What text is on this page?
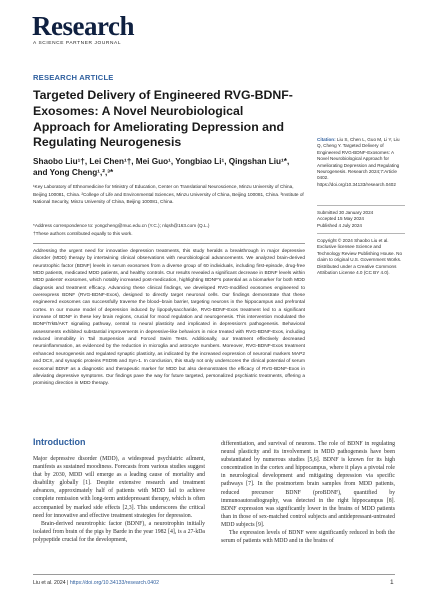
Research
A SCIENCE PARTNER JOURNAL
RESEARCH ARTICLE
Targeted Delivery of Engineered RVG-BDNF-Exosomes: A Novel Neurobiological Approach for Ameliorating Depression and Regulating Neurogenesis
Shaobo Liu¹†, Lei Chen¹†, Mei Guo¹, Yongbiao Li¹, Qingshan Liu¹*, and Yong Cheng¹,²,³*
¹Key Laboratory of Ethnomedicine for Ministry of Education, Center on Translational Neuroscience, Minzu University of China, Beijing 100081, China. ²College of Life and Environmental Sciences, Minzu University of China, Beijing 100081, China. ³Institute of National Security, Minzu University of China, Beijing 100081, China.
*Address correspondence to: yongcheng@muc.edu.cn (Y.C.); nlqsh@163.com (Q.L.)
†These authors contributed equally to this work.
Addressing the urgent need for innovative depression treatments, this study heralds a breakthrough in major depressive disorder (MDD) therapy by intertwining clinical observations with neurobiological advancements. We analyzed brain-derived neurotrophic factor (BDNF) levels in serum exosomes from a diverse group of 60 individuals, including first-episode, drug-free MDD patients, medicated MDD patients, and healthy controls. Our results revealed a significant decrease in BDNF levels within MDD patients' exosomes, which notably increased post-medication, highlighting BDNF's potential as a biomarker for both MDD diagnosis and treatment efficacy. Advancing these clinical findings, we developed RVG-modified exosomes engineered to overexpress BDNF (RVG-BDNF-Exos), designed to directly target neuronal cells. Our findings demonstrate that these engineered exosomes can successfully traverse the blood–brain barrier, targeting neurons in the hippocampus and prefrontal cortex. In our mouse model of depression induced by lipopolysaccharide, RVG-BDNF-Exos treatment led to a significant increase of BDNF in these key brain regions, crucial for mood regulation and neurogenesis. This intervention modulated the BDNF/TrkB/AKT signaling pathway, central to neural plasticity and implicated in depression's pathogenesis. Behavioral assessments exhibited substantial improvements in depressive-like behaviors in mice treated with RVG-BDNF-Exos, including reduced immobility in Tail Suspension and Forced Swim Tests. Additionally, our treatment effectively decreased neuroinflammation, as evidenced by the reduction in microglia and astrocyte numbers. Moreover, RVG-BDNF-Exos treatment enhanced neurogenesis and regulated synaptic plasticity, as indicated by the increased expression of neuronal markers MAP2 and DCX, and synaptic proteins PSD95 and Syn-1. In conclusion, this study not only underscores the clinical potential of serum exosomal BDNF as a diagnostic and therapeutic marker for MDD but also demonstrates the efficacy of RVG-BDNF-Exos in alleviating depressive symptoms. Our findings pave the way for future targeted, personalized psychiatric treatments, offering a promising direction in MDD therapy.
Citation: Liu S, Chen L, Guo M, Li Y, Liu Q, Cheng Y. Targeted Delivery of Engineered RVG-BDNF-Exosomes: A Novel Neurobiological Approach for Ameliorating Depression and Regulating Neurogenesis. Research 2024;7:Article 0402. https://doi.org/10.34133/research.0402
Submitted 30 January 2024
Accepted 15 May 2024
Published 4 July 2024
Copyright © 2024 Shaobo Liu et al. Exclusive licensee Science and Technology Review Publishing House. No claim to original U.S. Government Works. Distributed under a Creative Commons Attribution License 4.0 (CC BY 4.0).
Introduction

Major depressive disorder (MDD), a widespread psychiatric ailment, manifests as sustained moodiness. Forecasts from various studies suggest that by 2030, MDD will emerge as a leading cause of mortality and disability globally [1]. Despite extensive research and treatment advances, approximately half of patients with MDD fail to achieve complete remission with long-term antidepressant therapy, which is often accompanied by marked side effects [2,3]. This underscores the critical need for innovative and effective treatment strategies for depression.

Brain-derived neurotrophic factor (BDNF), a neurotrophin initially isolated from brain of the pigs by Barde in the year 1982 [4], is a 27-kDa polypeptide crucial for the development,

differentiation, and survival of neurons. The role of BDNF in regulating neural plasticity and its involvement in MDD pathogenesis have been substantiated by numerous studies [5,6]. BDNF is known for its high concentration in the cortex and hippocampus, where it plays a pivotal role in neurological development and mitigating depression via specific pathways [7]. In the postmortem brain samples from MDD patients, reduced precursor BDNF (proBDNF), quantified by immunoautoradiography, was detected in the right hippocampus [8]. BDNF expression was significantly lower in the brains of MDD patients than in those of sex-matched control subjects and antidepressant-untreated MDD subjects [9].

The expression levels of BDNF were significantly reduced in both the serum of patients with MDD and in the brains of

Liu et al. 2024 | https://doi.org/10.34133/research.0402	1
